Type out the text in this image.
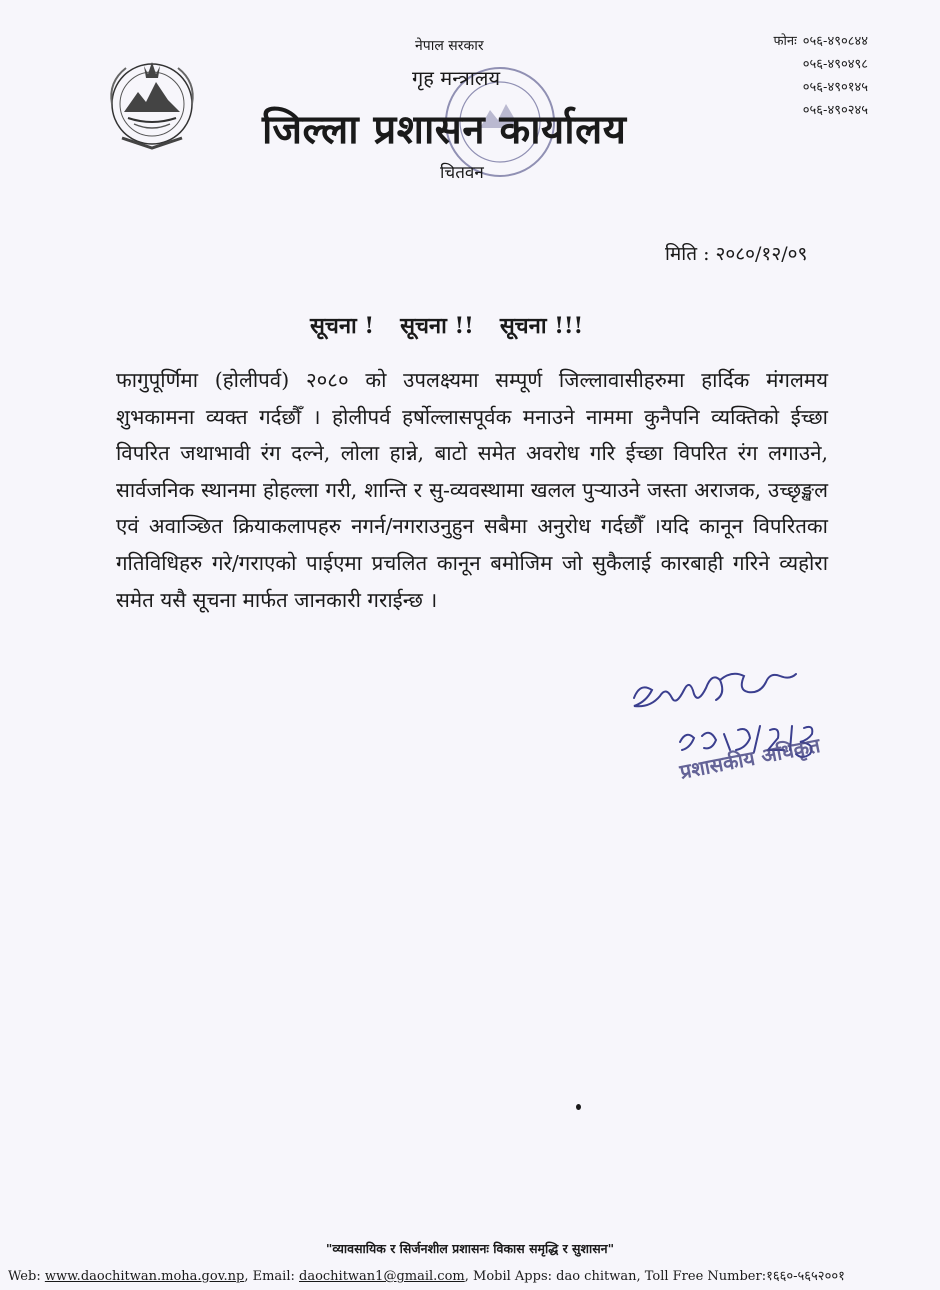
नेपाल सरकार
गृह मन्त्रालय
जिल्ला प्रशासन कार्यालय
चितवन
फोनः ०५६-४९०८४४
०५६-४९०४९८
०५६-४९०१४५
०५६-४९०२४५
मिति : २०८०/१२/०९
सूचना ! सूचना !! सूचना !!!
फागुपूर्णिमा (होलीपर्व) २०८० को उपलक्ष्यमा सम्पूर्ण जिल्लावासीहरुमा हार्दिक मंगलमय शुभकामना व्यक्त गर्दछौँ । होलीपर्व हर्षोल्लासपूर्वक मनाउने नाममा कुनैपनि व्यक्तिको ईच्छा विपरित जथाभावी रंग दल्ने, लोला हान्ने, बाटो समेत अवरोध गरि ईच्छा विपरित रंग लगाउने, सार्वजनिक स्थानमा होहल्ला गरी, शान्ति र सु-व्यवस्थामा खलल पुर्‍याउने जस्ता अराजक, उच्छृङ्खल एवं अवाञ्छित क्रियाकलापहरु नगर्न/नगराउनुहुन सबैमा अनुरोध गर्दछौँ ।यदि कानून विपरितका गतिविधिहरु गरे/गराएको पाईएमा प्रचलित कानून बमोजिम जो सुकैलाई कारबाही गरिने व्यहोरा समेत यसै सूचना मार्फत जानकारी गराईन्छ ।
प्रशासकीय अधिकृत
"व्यावसायिक र सिर्जनशील प्रशासनः विकास समृद्धि र सुशासन"
Web: www.daochitwan.moha.gov.np, Email: daochitwan1@gmail.com, Mobil Apps: dao chitwan, Toll Free Number:१६६०-५६५२००१
